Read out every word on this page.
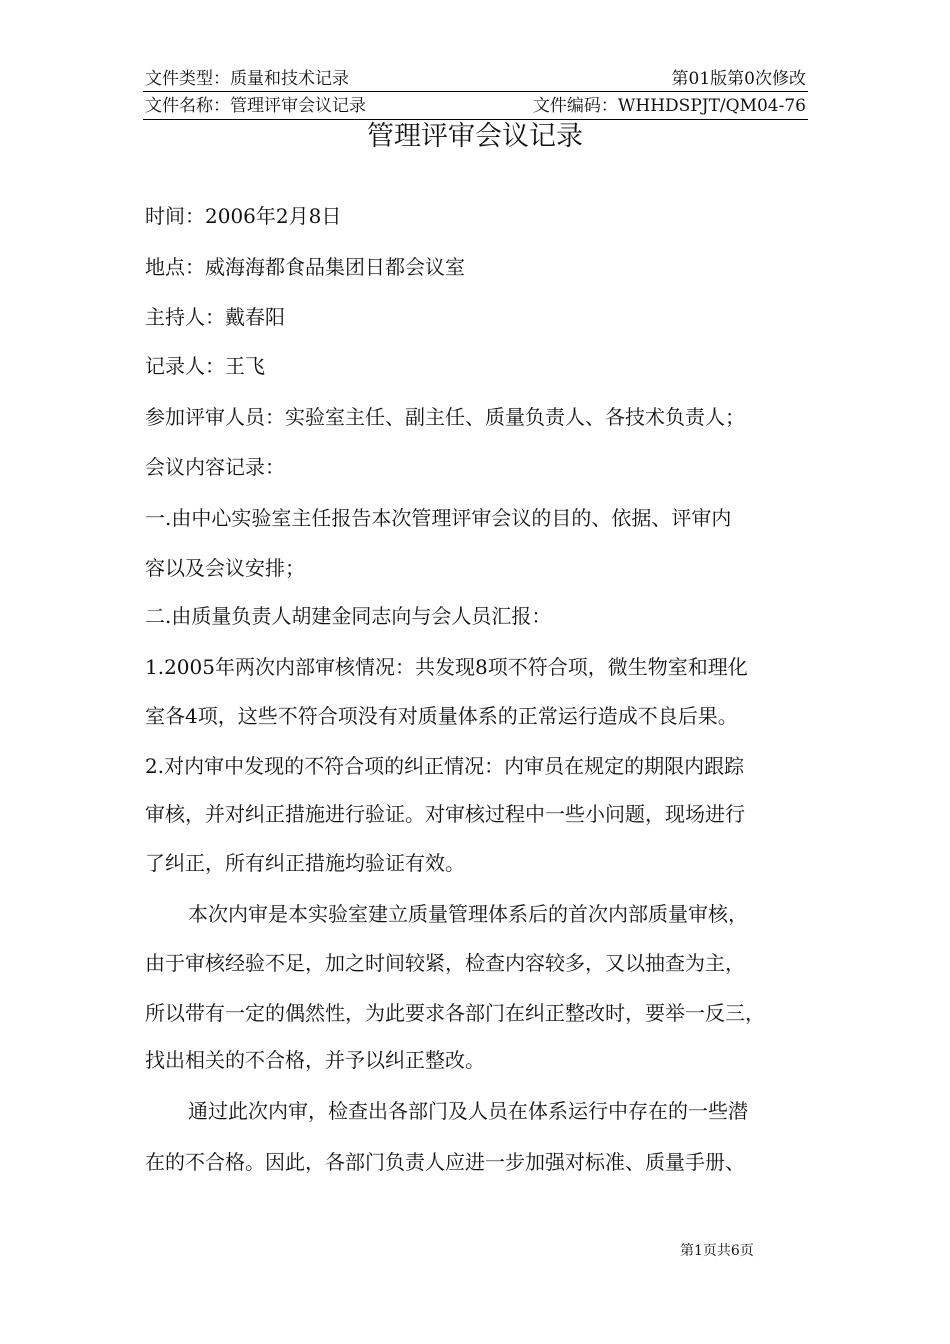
文件类型：质量和技术记录	第01版第0次修改
文件名称：管理评审会议记录	文件编码：WHHDSPJT/QM04-76
管理评审会议记录
时间：2006年2月8日
地点：威海海都食品集团日都会议室
主持人：戴春阳
记录人：王飞
参加评审人员：实验室主任、副主任、质量负责人、各技术负责人；
会议内容记录：
一.由中心实验室主任报告本次管理评审会议的目的、依据、评审内
容以及会议安排；
二.由质量负责人胡建金同志向与会人员汇报：
1.2005年两次内部审核情况：共发现8项不符合项，微生物室和理化
室各4项，这些不符合项没有对质量体系的正常运行造成不良后果。
2.对内审中发现的不符合项的纠正情况：内审员在规定的期限内跟踪
审核，并对纠正措施进行验证。对审核过程中一些小问题，现场进行
了纠正，所有纠正措施均验证有效。
本次内审是本实验室建立质量管理体系后的首次内部质量审核，
由于审核经验不足，加之时间较紧，检查内容较多，又以抽查为主，
所以带有一定的偶然性，为此要求各部门在纠正整改时，要举一反三，
找出相关的不合格，并予以纠正整改。
通过此次内审，检查出各部门及人员在体系运行中存在的一些潜
在的不合格。因此，各部门负责人应进一步加强对标准、质量手册、
第1页共6页
